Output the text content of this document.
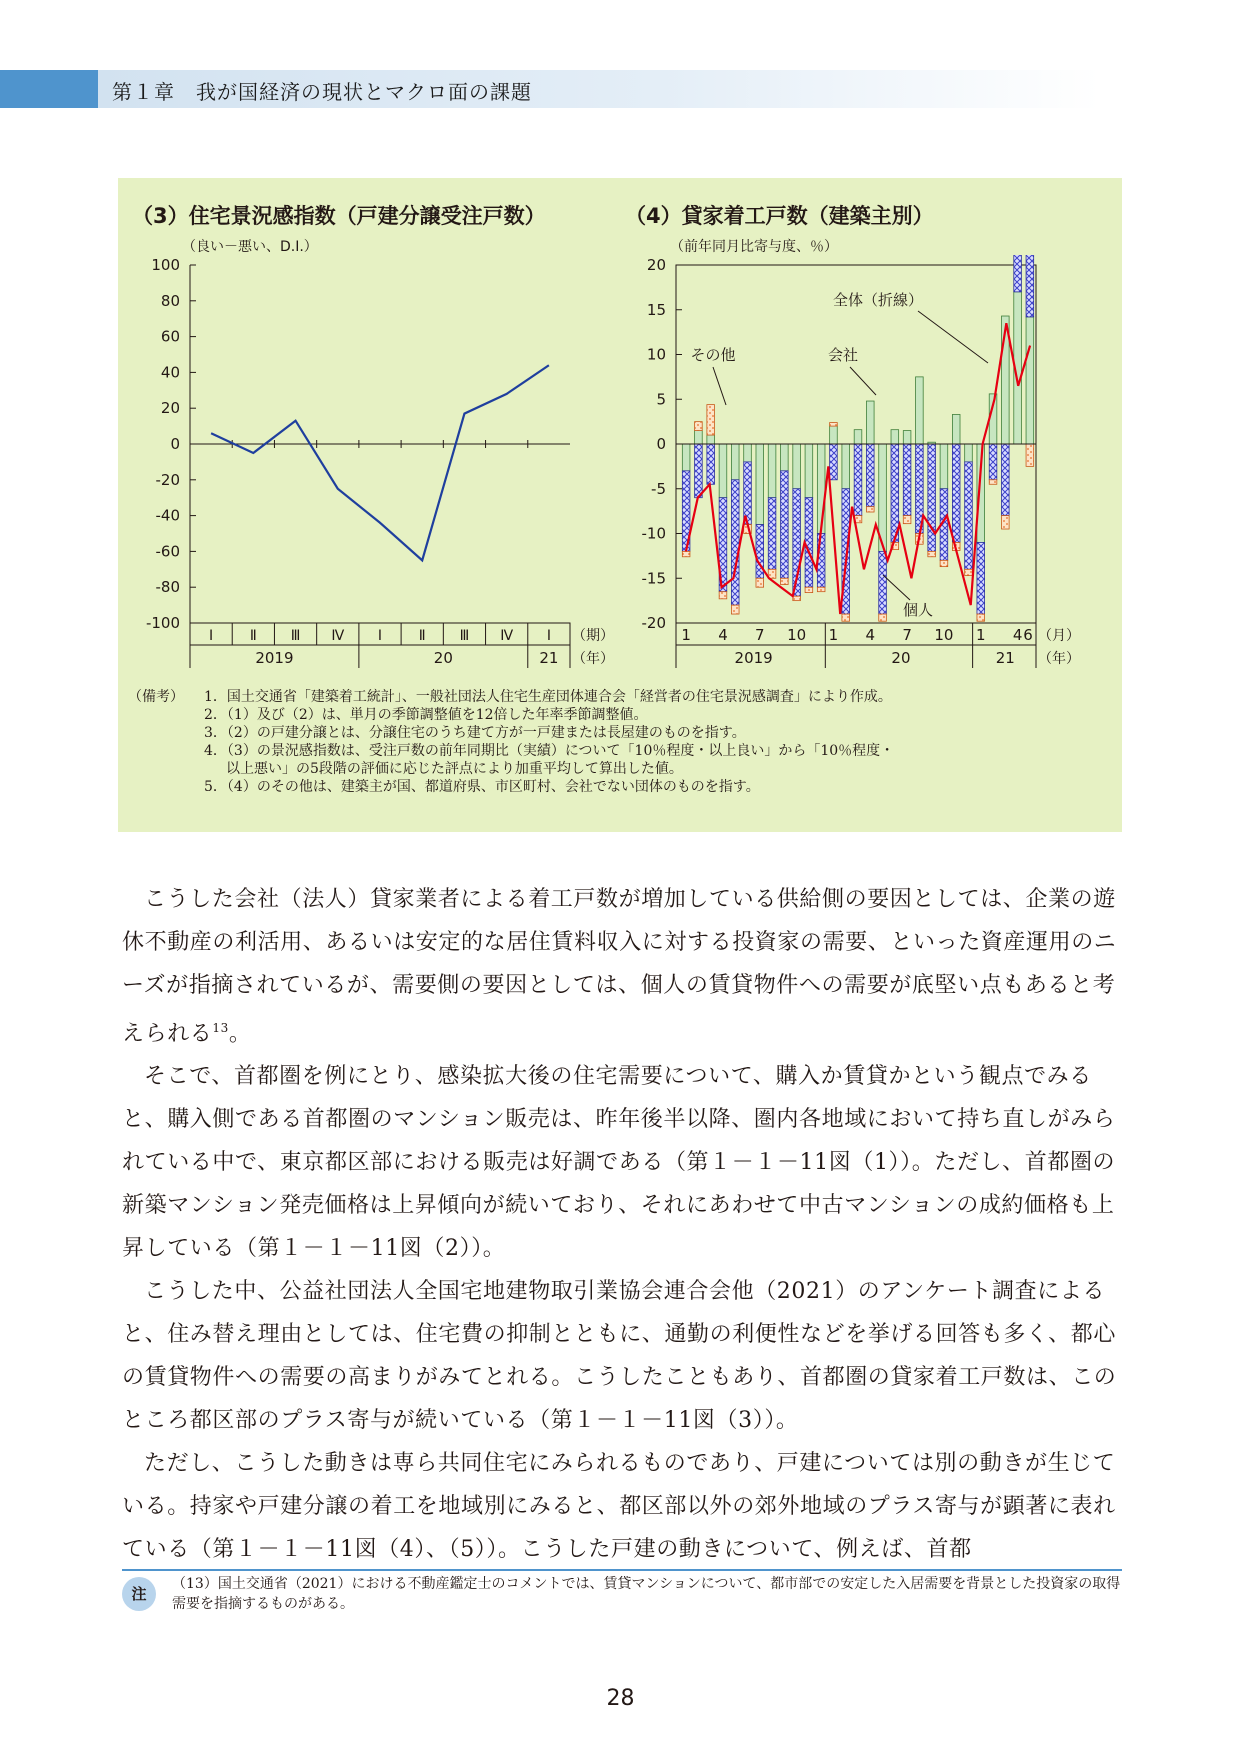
第１章　我が国経済の現状とマクロ面の課題
（3）住宅景況感指数（戸建分譲受注戸数）
（良い－悪い、D.I.）
（4）貸家着工戸数（建築主別）
（前年同月比寄与度、％）
100
80
60
40
20
0
-20
-40
-60
-80
-100
Ⅰ	Ⅱ Ⅲ Ⅳ Ⅰ	Ⅱ Ⅲ Ⅳ Ⅰ
2019	20	21
（期）
（年）
20
15
10
5
0
-5
-10
-15
-20
1 4 7 10 1 4 7 10 1 4 6
2019	20	21
（月）
（年）
全体（折線）
その他	会社
個人
（備考） 1．国土交通省「建築着工統計」、一般社団法人住宅生産団体連合会「経営者の住宅景況感調査」により作成。
2．（1）及び（2）は、単月の季節調整値を12倍した年率季節調整値。
3．（2）の戸建分譲とは、分譲住宅のうち建て方が一戸建または長屋建のものを指す。
4．（3）の景況感指数は、受注戸数の前年同期比（実績）について「10％程度・以上良い」から「10％程度・
以上悪い」の5段階の評価に応じた評点により加重平均して算出した値。
5．（4）のその他は、建築主が国、都道府県、市区町村、会社でない団体のものを指す。

こうした会社（法人）貸家業者による着工戸数が増加している供給側の要因としては、企業の遊休不動産の利活用、あるいは安定的な居住賃料収入に対する投資家の需要、といった資産運用のニーズが指摘されているが、需要側の要因としては、個人の賃貸物件への需要が底堅い点もあると考えられる$^{13}$。

そこで、首都圏を例にとり、感染拡大後の住宅需要について、購入か賃貸かという観点でみると、購入側である首都圏のマンション販売は、昨年後半以降、圏内各地域において持ち直しがみられている中で、東京都区部における販売は好調である（第１－１－11図（1））。ただし、首都圏の新築マンション発売価格は上昇傾向が続いており、それにあわせて中古マンションの成約価格も上昇している（第１－１－11図（2））。

こうした中、公益社団法人全国宅地建物取引業協会連合会他（2021）のアンケート調査によると、住み替え理由としては、住宅費の抑制とともに、通勤の利便性などを挙げる回答も多く、都心の賃貸物件への需要の高まりがみてとれる。こうしたこともあり、首都圏の貸家着工戸数は、このところ都区部のプラス寄与が続いている（第１－１－11図（3））。

ただし、こうした動きは専ら共同住宅にみられるものであり、戸建については別の動きが生じている。持家や戸建分譲の着工を地域別にみると、都区部以外の郊外地域のプラス寄与が顕著に表れている（第１－１－11図（4）、（5））。こうした戸建の動きについて、例えば、首都

注
（13）国土交通省（2021）における不動産鑑定士のコメントでは、賃貸マンションについて、都市部での安定した入居需要を背景とした投資家の取得需要を指摘するものがある。
28
